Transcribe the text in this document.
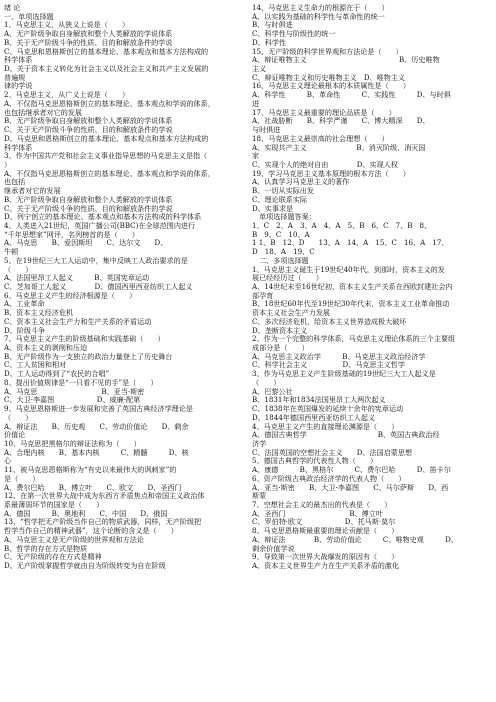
绪 论
一、单项选择题
1、马克思主义，从狭义上说是（　　）
A、无产阶级争取自身解放和整个人类解放的学说体系
B、关于无产阶级斗争的性质、目的和解放条件的学说
C、马克思和恩格斯创立的基本理论、基本观点和基本方法构成的
科学体系
D、关于资本主义转化为社会主义以及社会主义和共产主义发展的
普遍规
律的学说
2、马克思主义，从广义上说是（　　）
A、不仅指马克思恩格斯创立的基本理论、基本观点和学说的体系，
也包括继承者对它的发展
B、无产阶级争取自身解放和整个人类解放的学说体系
C、关于无产阶级斗争的性质、目的和解放条件的学说
D、马克思和恩格斯创立的基本理论、基本观点和基本方法构成的
科学体系
3、作为中国共产党和社会主义事业指导思想的马克思主义是指（
）
A、不仅指马克思恩格斯创立的基本理论、基本观点和学说的体系，
也包括
继承者对它的发展
B、无产阶级争取自身解放和整个人类解放的学说体系
C、关于无产阶级斗争的性质、目的和解放条件的学说
D、列宁创立的基本理论、基本观点和基本方法构成的科学体系
4、人类进入21世纪，英国广播公司(BBC)在全球范围内进行
“千年思想家”网评，名列榜首的是（　　）
A、马克思　　B、爱因斯坦　　C、达尔文　　D、
牛顿
5、在19世纪三大工人运动中，集中反映工人政治要求的是
（　　）
A、法国里昂工人起义　　　B、英国宪章运动
C、芝加哥工人起义　　　　D、德国西里西亚纺织工人起义
6、马克思主义产生的经济根源是（　　）
A、工业革命
B、资本主义经济危机
C、资本主义社会生产力和生产关系的矛盾运动
D、阶级斗争
7、马克思主义产生的阶级基础和实践基础（　　）
A、资本主义的剥削和压迫
B、无产阶级作为一支独立的政治力量登上了历史舞台
C、工人贫困和相对
D、工人运动得到了“农民的合唱”
8、提出价值规律是“一只看不见的手”是（　　）
A、马克思　　　　　　　　　B、亚当·斯密
C、大卫·李嘉图　　　　　　D、威廉·配第
9、马克思恩格斯进一步发展和完善了英国古典经济学理论是
（　　）
A、辩证法　　B、历史观　　C、劳动价值论　　D、剩余
价值论
10、马克思把黑格尔的辩证法称为（　　）
A、合理内核　　B、基本内核　　　C、精髓　　　D、核
心
11、被马克思恩格斯称为“有史以来最伟大的讽刺家”的
是（　　）
A、费尔巴哈　　B、傅立叶　　C、欧文　　D、圣西门
12、在第一次世界大战中成为东西方矛盾焦点和帝国主义政治体
系最薄弱环节的国家是（　　）
A、德国　　　B、奥地利　　C、中国　　D、俄国
13、“哲学把无产阶级当作自己的物质武器，同样，无产阶级把
哲学当作自己的精神武器”，这个论断的含义是（　　）
A、马克思主义是无产阶级的世界观和方法论
B、哲学的存在方式是物质
C、无产阶级的存在方式是精神
D、无产阶级掌握哲学就由自为阶级转变为自在阶级
14、马克思主义生命力的根源在于（　　）
A、以实践为基础的科学性与革命性的统一
B、与时俱进
C、科学性与阶级性的统一
D、科学性
15、无产阶级的科学世界观和方法论是（　　）
A、辩证唯物主义　　　　　　　　　　　　　B、历史唯物
主义
C、辩证唯物主义和历史唯物主义　D、唯物主义
16、马克思主义理论最根本的本质属性是（　　）
A、科学性　　　B、革命性　　　C、实践性　　　D、与时俱
进
17、马克思主义最重要的理论品质是（　　）
A、社战胁断　　B、科学严谨　　C、博大精深　　D、
与时俱进
18、马克思主义最崇高的社会理想（　　）
A、实现共产主义　　　　　　　B、消灭阶级、消灭国
家
C、实现个人的绝对自由　　　　D、实现人权
19、学习马克思主义基本原理的根本方法（　　）
A、认真学习马克思主义的著作
B、一切从实际出发
C、理论联系实际
D、实事求是
　单项选择题答案：
1、C　2、A　3、A　4、A　5、B　6、C　7、B　8、
B　9、C　10、A
1 1、B　12、D　　13、A　14、A　15、C　16、A　17、
D　18、A　19、C
　二、多项选择题
1、马克思主义诞生于19世纪40年代，到那时，资本主义的发
展已经经历过（　　）
A、14世纪末至16世纪初，资本主义生产关系在西欧封建社会内
部孕育
B、18世纪60年代至19世纪30年代末，资本主义工业革命推动
资本主义社会生产力发展
C、多次经济危机，给资本主义世界造成极大破坏
D、垄断资本主义
2、作为一个完整的科学体系，马克思主义理论体系的三个主要组
成部分是（　　）
A、马克思主义政治学　　　B、马克思主义政治经济学
C、科学社会主义　　　　　D、马克思主义哲学
3、作为马克思主义产生阶级基础的19世纪三大工人起义是
（　　）
A、巴黎公社
B、1831年和1834法国里昂工人两次起义
C、1838年在英国爆发的延续十余年的宪章运动
D、1844年德国西里西亚纺织工人起义
4、马克思主义产生的直接理论渊源是（　　）
A、德国古典哲学　　　　　　　　　　B、英国古典政治经
济学
C、法国英国的空想社会主义　　D、法国启蒙思想
5、德国古典哲学的代表性人物（　　）
A、康德　　　B、黑格尔　　　C、费尔巴哈　　　D、笛卡尔
6、资产阶级古典政治经济学的代表人物（　　）
A、亚当·斯密　　B、大卫·李嘉图　　C、马尔萨斯　　D、西
斯蒙
7、空想社会主义的最杰出的代表是（　　）
A、圣西门　　　　　　　　　B、傅立叶
C、罗伯特·欧文　　　　　　D、托马斯·莫尔
8、马克思恩格斯最重要的理论贡献是（　　）
A、辩证法　　　　B、劳动价值论　　　C、唯物史观　　　D、
剩余价值学说
9、导致第一次世界大战爆发的原因有（　　）
A、资本主义世界生产力在生产关系矛盾的激化
